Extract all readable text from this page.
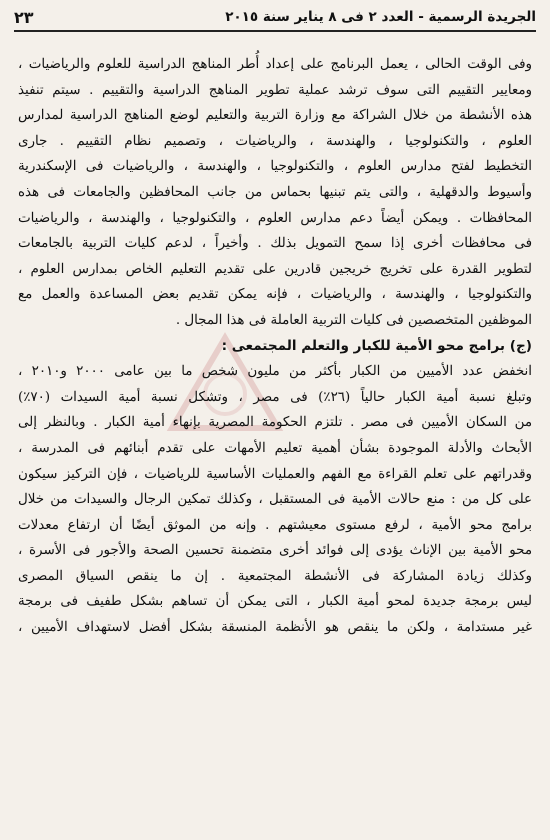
الجريدة الرسمية - العدد ٢ فى ٨ يناير سنة ٢٠١٥
٢٣

وفى الوقت الحالى ، يعمل البرنامج على إعداد أُطر المناهج الدراسية للعلوم والرياضيات ،
ومعايير التقييم التى سوف ترشد عملية تطوير المناهج الدراسية والتقييم . سيتم تنفيذ
هذه الأنشطة من خلال الشراكة مع وزارة التربية والتعليم لوضع المناهج الدراسية لمدارس
العلوم ، والتكنولوجيا ، والهندسة ، والرياضيات ، وتصميم نظام التقييم . جارى
التخطيط لفتح مدارس العلوم ، والتكنولوجيا ، والهندسة ، والرياضيات فى الإسكندرية
وأسيوط والدقهلية ، والتى يتم تبنيها بحماس من جانب المحافظين والجامعات فى هذه
المحافظات . ويمكن أيضاً دعم مدارس العلوم ، والتكنولوجيا ، والهندسة ، والرياضيات
فى محافظات أخرى إذا سمح التمويل بذلك . وأخيراً ، لدعم كليات التربية بالجامعات
لتطوير القدرة على تخريج خريجين قادرين على تقديم التعليم الخاص بمدارس العلوم ،
والتكنولوجيا ، والهندسة ، والرياضيات ، فإنه يمكن تقديم بعض المساعدة والعمل مع
الموظفين المتخصصين فى كليات التربية العاملة فى هذا المجال .

(ج) برامج محو الأمية للكبار والتعلم المجتمعى :

انخفض عدد الأميين من الكبار بأكثر من مليون شخص ما بين عامى ٢٠٠٠ و٢٠١٠ ،
وتبلغ نسبة أمية الكبار حالياً (٢٦٪) فى مصر ، وتشكل نسبة أمية السيدات (٧٠٪)
من السكان الأميين فى مصر . تلتزم الحكومة المصرية بإنهاء أمية الكبار . وبالنظر إلى
الأبحاث والأدلة الموجودة بشأن أهمية تعليم الأمهات على تقدم أبنائهم فى المدرسة ،
وقدراتهم على تعلم القراءة مع الفهم والعمليات الأساسية للرياضيات ، فإن التركيز سيكون
على كل من : منع حالات الأمية فى المستقبل ، وكذلك تمكين الرجال والسيدات من خلال
برامج محو الأمية ، لرفع مستوى معيشتهم . وإنه من الموثق أيضًا أن ارتفاع معدلات
محو الأمية بين الإناث يؤدى إلى فوائد أخرى متضمنة تحسين الصحة والأجور فى الأسرة ،
وكذلك زيادة المشاركة فى الأنشطة المجتمعية . إن ما ينقص السياق المصرى
ليس برمجة جديدة لمحو أمية الكبار ، التى يمكن أن تساهم بشكل طفيف فى برمجة
غير مستدامة ، ولكن ما ينقص هو الأنظمة المنسقة بشكل أفضل لاستهداف الأميين ،
